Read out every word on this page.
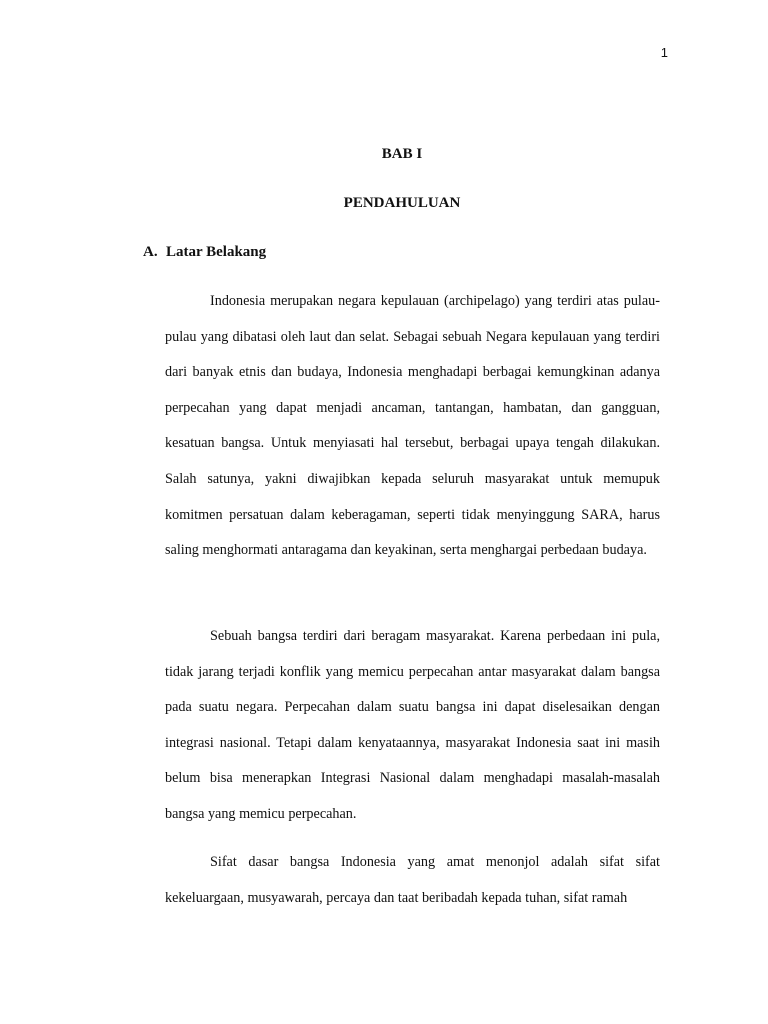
1
BAB I
PENDAHULUAN
A. Latar Belakang

Indonesia merupakan negara kepulauan (archipelago) yang terdiri atas pulau-pulau yang dibatasi oleh laut dan selat. Sebagai sebuah Negara kepulauan yang terdiri dari banyak etnis dan budaya, Indonesia menghadapi berbagai kemungkinan adanya perpecahan yang dapat menjadi ancaman, tantangan, hambatan, dan gangguan, kesatuan bangsa. Untuk menyiasati hal tersebut, berbagai upaya tengah dilakukan. Salah satunya, yakni diwajibkan kepada seluruh masyarakat untuk memupuk komitmen persatuan dalam keberagaman, seperti tidak menyinggung SARA, harus saling menghormati antaragama dan keyakinan, serta menghargai perbedaan budaya.

Sebuah bangsa terdiri dari beragam masyarakat. Karena perbedaan ini pula, tidak jarang terjadi konflik yang memicu perpecahan antar masyarakat dalam bangsa pada suatu negara. Perpecahan dalam suatu bangsa ini dapat diselesaikan dengan integrasi nasional. Tetapi dalam kenyataannya, masyarakat Indonesia saat ini masih belum bisa menerapkan Integrasi Nasional dalam menghadapi masalah-masalah bangsa yang memicu perpecahan.

Sifat dasar bangsa Indonesia yang amat menonjol adalah sifat sifat kekeluargaan, musyawarah, percaya dan taat beribadah kepada tuhan, sifat ramah
